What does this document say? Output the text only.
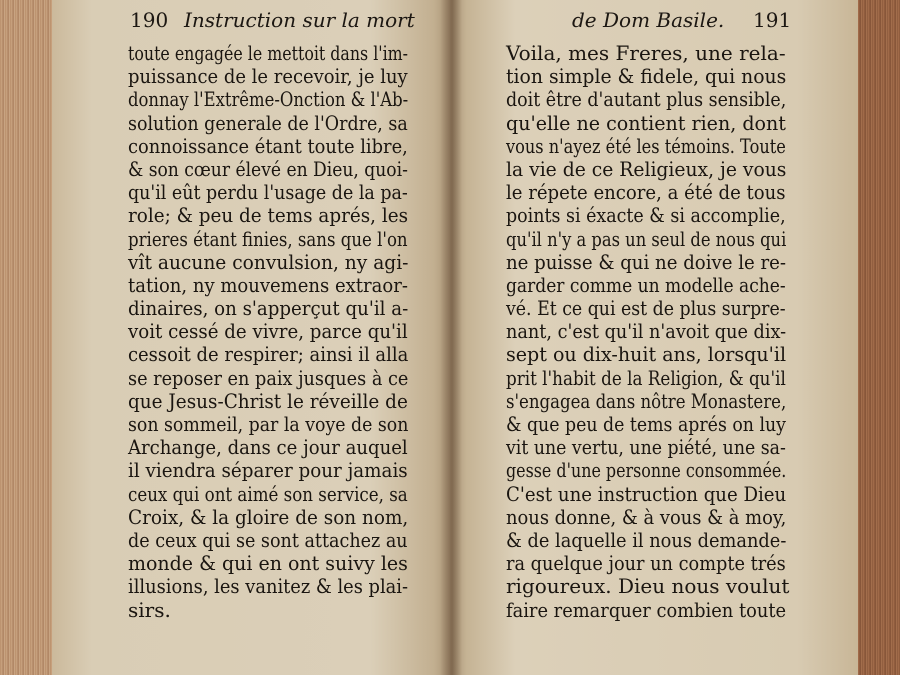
190 Instruction sur la mort	de Dom Basile. 191
toute engagée le mettoit dans l'im-
puissance de le recevoir, je luy
donnay l'Extrême-Onction & l'Ab-
solution generale de l'Ordre, sa
connoissance étant toute libre,
& son cœur élevé en Dieu, quoi-
qu'il eût perdu l'usage de la pa-
role; & peu de tems aprés, les
prieres étant finies, sans que l'on
vît aucune convulsion, ny agi-
tation, ny mouvemens extraor-
dinaires, on s'apperçut qu'il a-
voit cessé de vivre, parce qu'il
cessoit de respirer; ainsi il alla
se reposer en paix jusques à ce
que Jesus-Christ le réveille de
son sommeil, par la voye de son
Archange, dans ce jour auquel
il viendra séparer pour jamais
ceux qui ont aimé son service, sa
Croix, & la gloire de son nom,
de ceux qui se sont attachez au
monde & qui en ont suivy les
illusions, les vanitez & les plai-
sirs.
Voila, mes Freres, une rela-
tion simple & fidele, qui nous
doit être d'autant plus sensible,
qu'elle ne contient rien, dont
vous n'ayez été les témoins. Toute
la vie de ce Religieux, je vous
le répete encore, a été de tous
points si éxacte & si accomplie,
qu'il n'y a pas un seul de nous qui
ne puisse & qui ne doive le re-
garder comme un modelle ache-
vé. Et ce qui est de plus surpre-
nant, c'est qu'il n'avoit que dix-
sept ou dix-huit ans, lorsqu'il
prit l'habit de la Religion, & qu'il
s'engagea dans nôtre Monastere,
& que peu de tems aprés on luy
vit une vertu, une piété, une sa-
gesse d'une personne consommée.
C'est une instruction que Dieu
nous donne, & à vous & à moy,
& de laquelle il nous demande-
ra quelque jour un compte trés
rigoureux. Dieu nous voulut
faire remarquer combien toute
